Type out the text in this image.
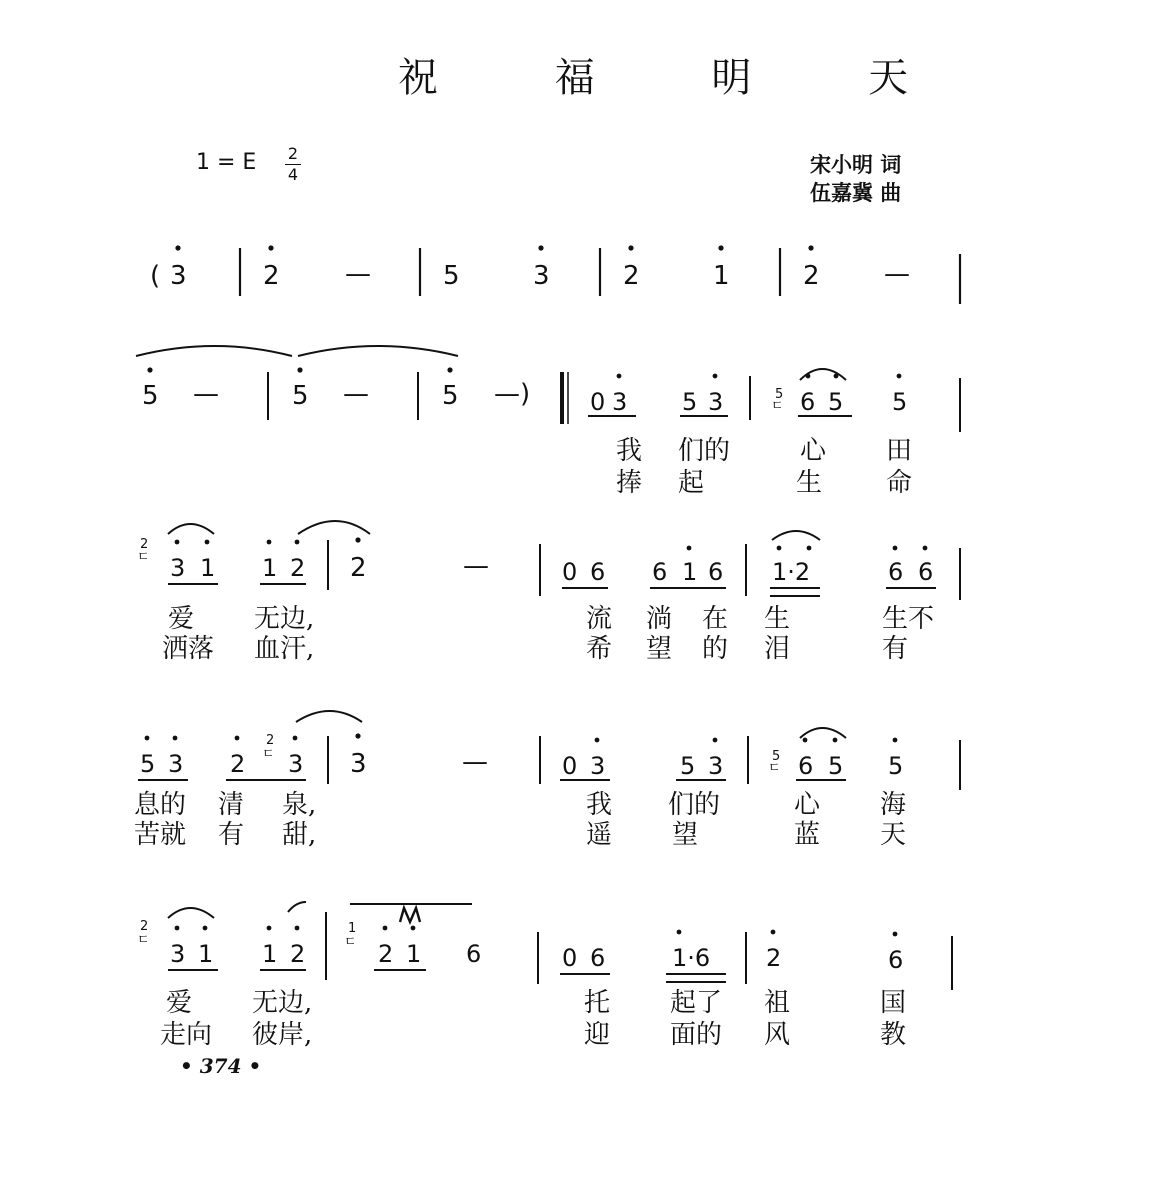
祝 福 明 天
1 = E	2
4	宋小明 词
伍嘉冀 曲
( 3	2	—	5	3	2	1	2 —
5 —	5 —	5 —) 0 3 5 3	5
ㄷ 6 5 5
2
ㄷ 3 1 1 2 2	—	0 6 6 1 6 1·2	6 6
5 3 2
2
ㄷ 3 3	—	0 3	5 3	5
ㄷ 6 5 5
2
ㄷ 3 1 1 2
1
ㄷ 2 1 6	0 6	1·6 2	6
我 们的	心 田
捧 起	生 命
爱 无边,	流 淌 在 生	生不
洒落 血汗,	希 望 的 泪	有
息的 清 泉,	我 们的	心 海
苦就 有 甜,	遥 望	蓝 天
爱 无边,	托 起了 祖	国
走向 彼岸,	迎 面的 风	教
• 374 •
